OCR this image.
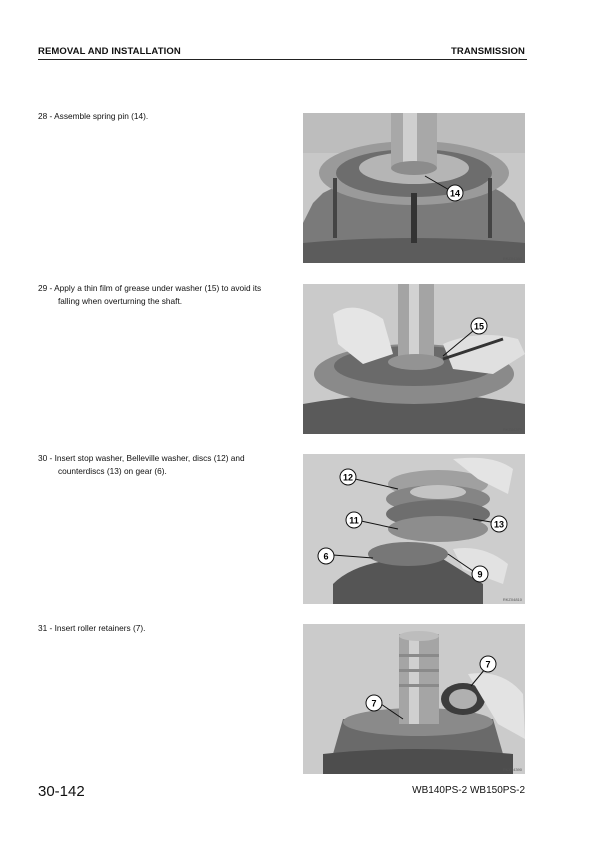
REMOVAL AND INSTALLATION	TRANSMISSION
28 - Assemble spring pin (14).
14
RKZ04380
29 - Apply a thin film of grease under washer (15) to avoid its
falling when overturning the shaft.
15
RKZ04370
30 - Insert stop washer, Belleville washer, discs (12) and
counterdiscs (13) on gear (6).
12
11	13
6
9
RKZ04810
31 - Insert roller retainers (7).
7
7
RKZ04390
30-142	WB140PS-2 WB150PS-2
